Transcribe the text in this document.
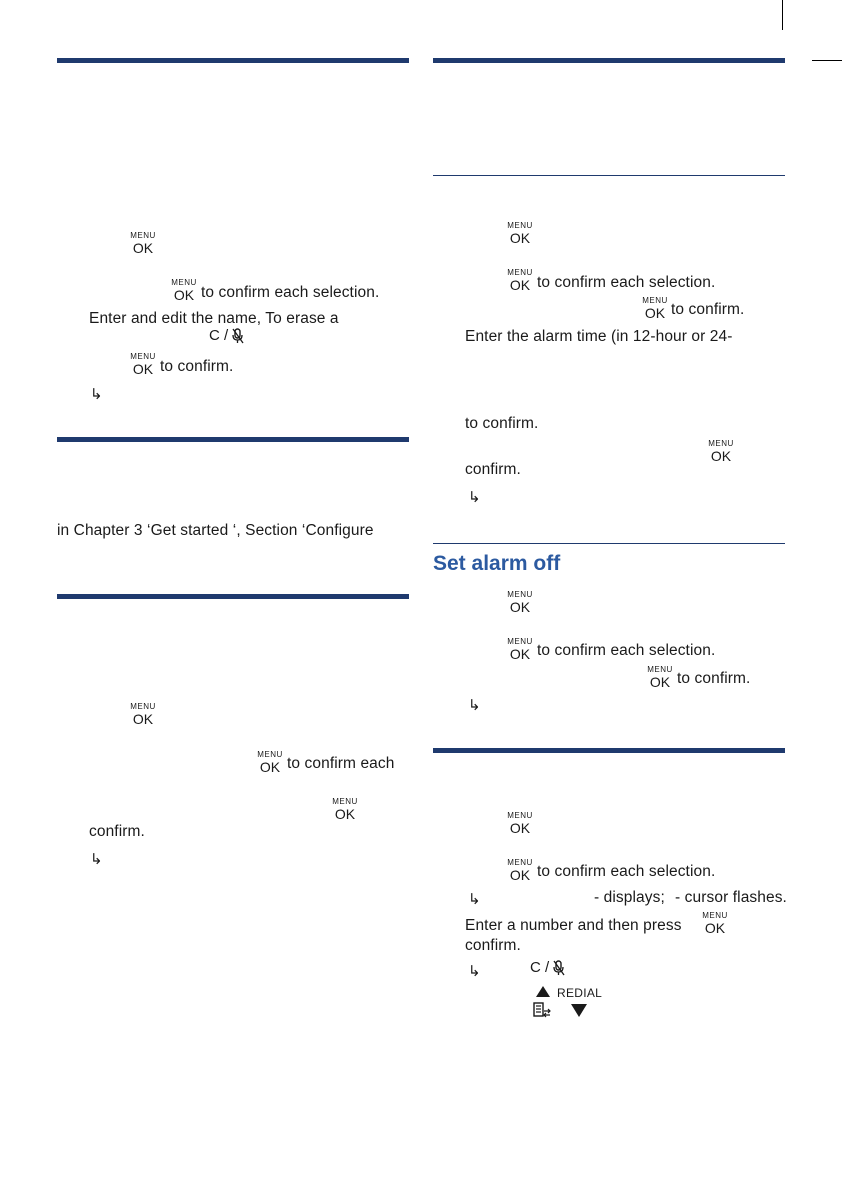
MENU
OK
MENU
OK to confirm each selection.
Enter and edit the name, To erase a
C /
MENU
OK to confirm.
↳
in Chapter 3 ‘Get started ‘, Section ‘Configure
MENU
OK
MENU
OK to confirm each
MENU
OK
confirm.
↳
MENU
OK
MENU
OK to confirm each selection.
MENU
OK to confirm.
Enter the alarm time (in 12-hour or 24-
to confirm.
MENU
OK
confirm.
↳
Set alarm off
MENU
OK
MENU
OK to confirm each selection.
MENU
OK to confirm.
↳
MENU
OK
MENU
OK to confirm each selection.
↳	- displays; - cursor flashes.
Enter a number and then press
MENU
OK
confirm.
↳	C /
REDIAL
